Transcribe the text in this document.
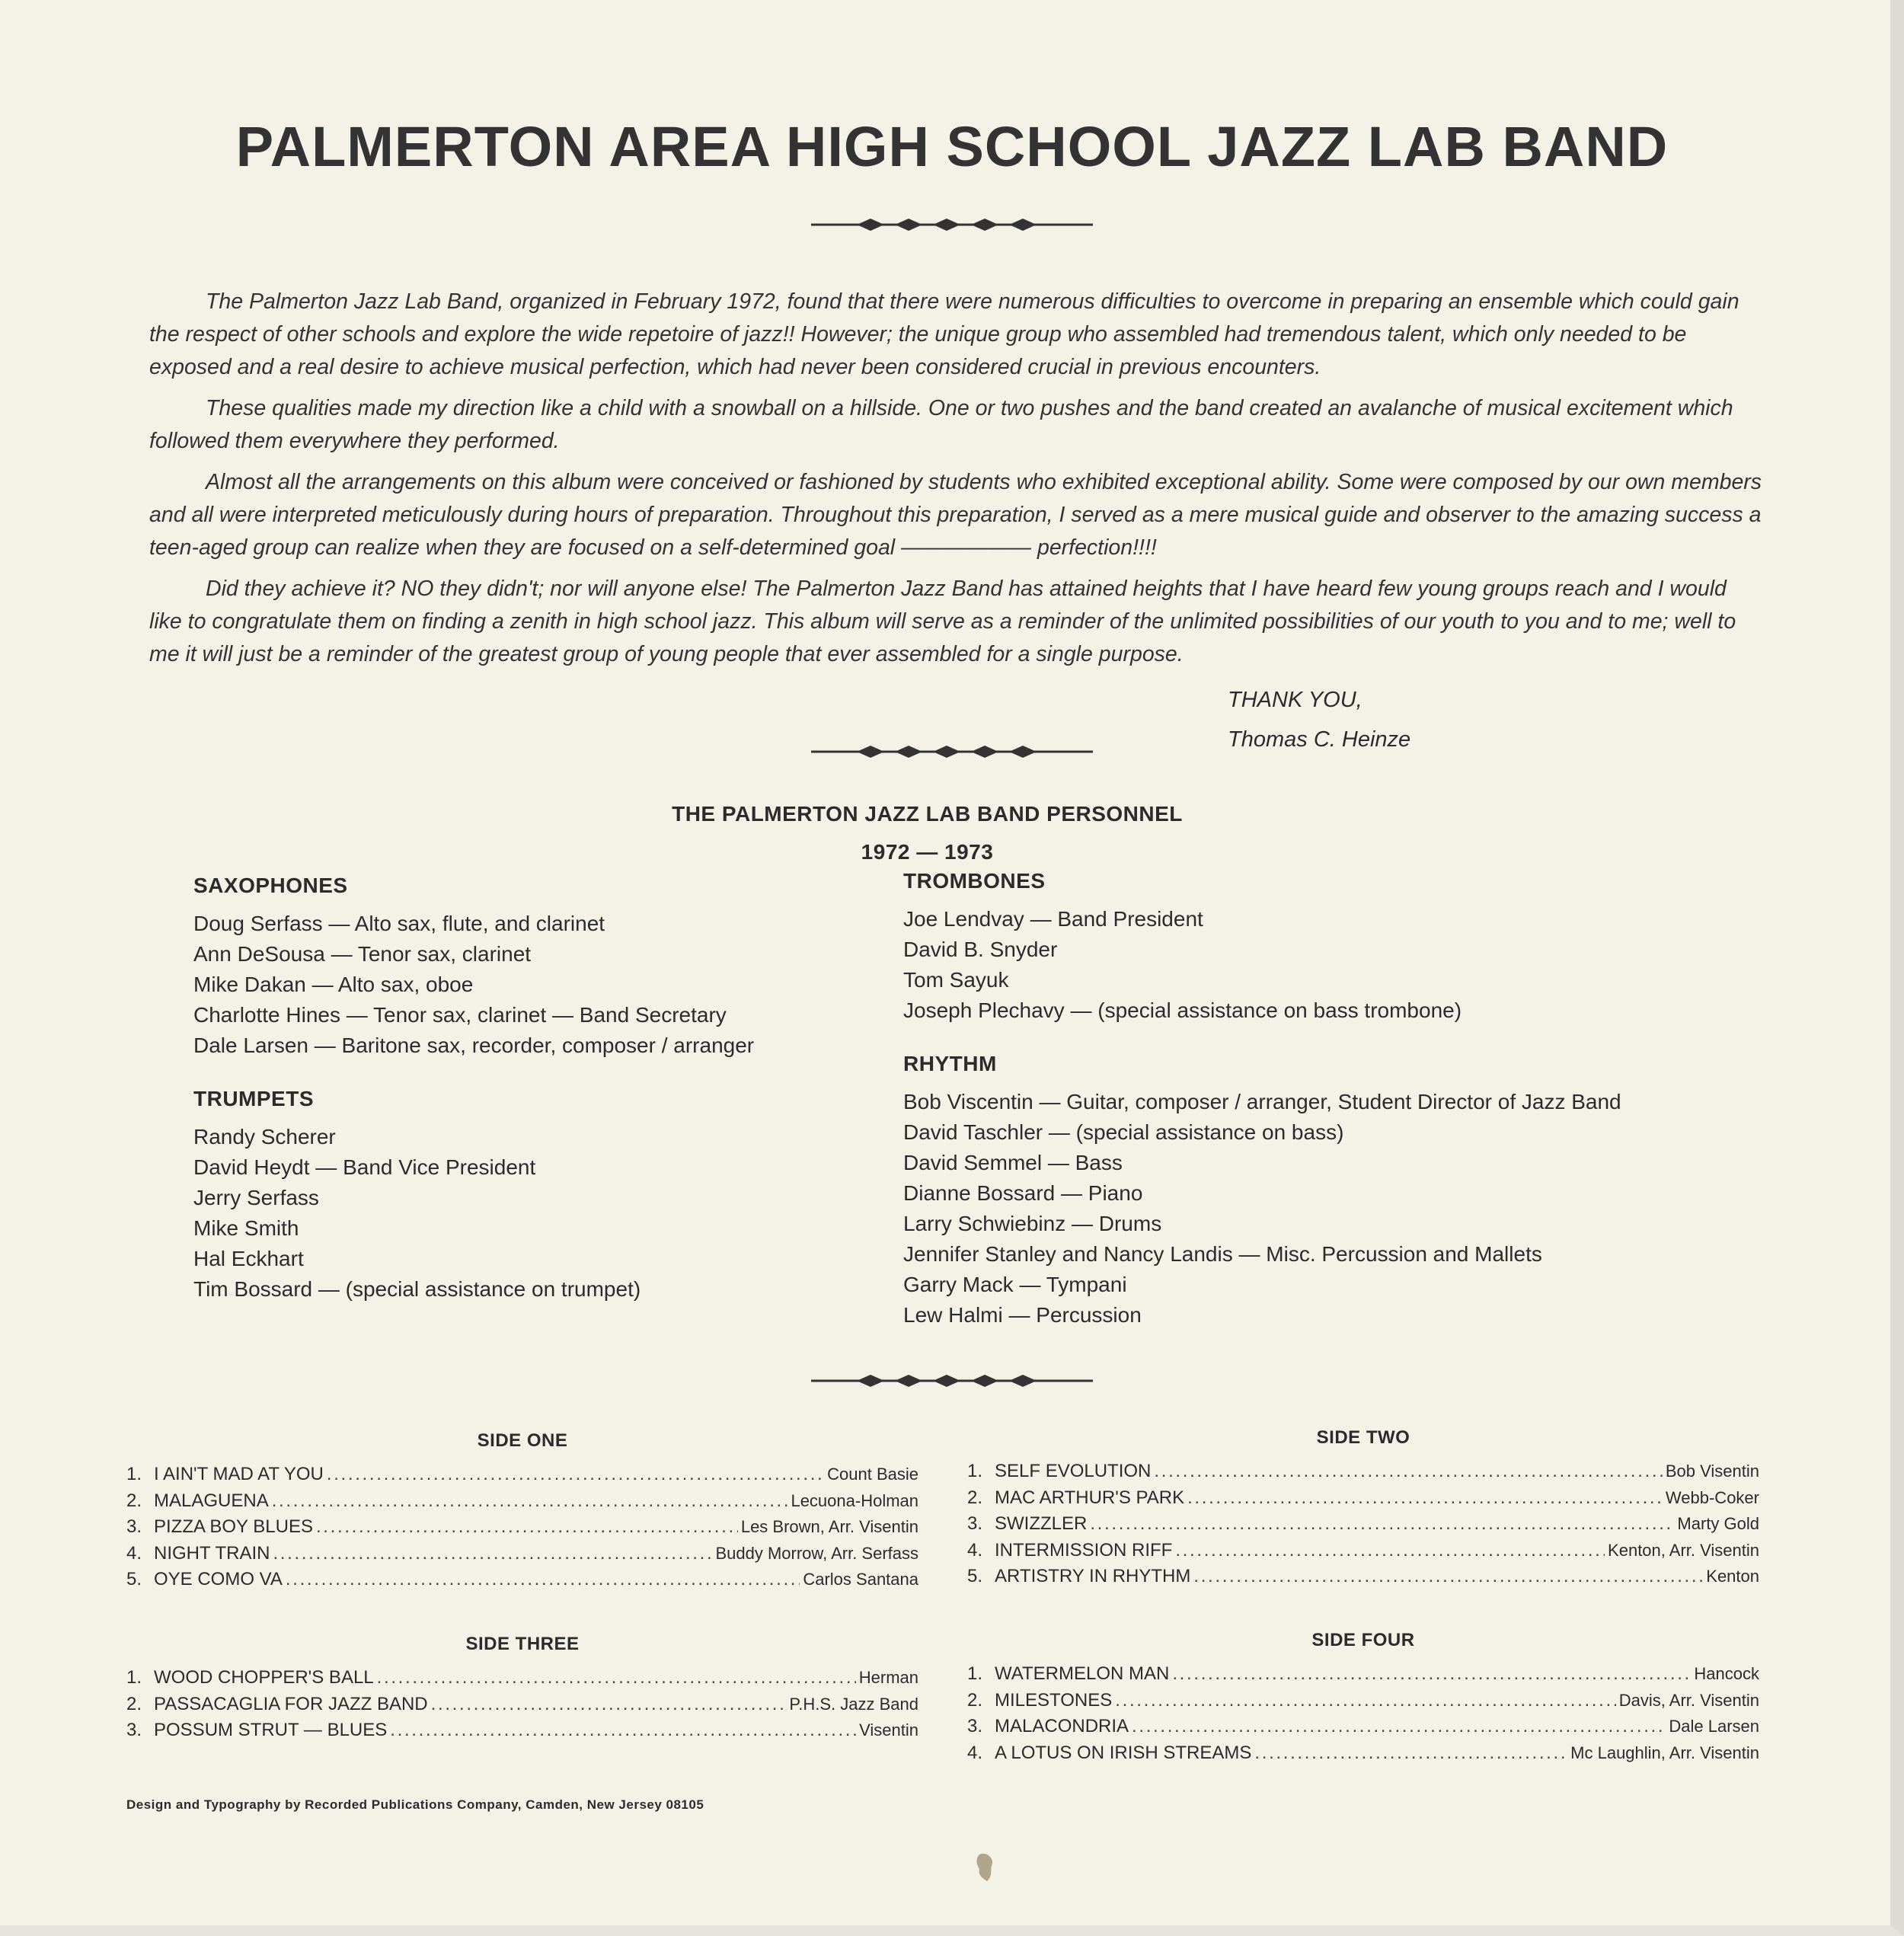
PALMERTON AREA HIGH SCHOOL JAZZ LAB BAND

The Palmerton Jazz Lab Band, organized in February 1972, found that there were numerous difficulties to overcome in preparing an ensemble which could gain the respect of other schools and explore the wide repetoire of jazz!! However; the unique group who assembled had tremendous talent, which only needed to be exposed and a real desire to achieve musical perfection, which had never been considered crucial in previous encounters.

These qualities made my direction like a child with a snowball on a hillside. One or two pushes and the band created an avalanche of musical excitement which followed them everywhere they performed.

Almost all the arrangements on this album were conceived or fashioned by students who exhibited exceptional ability. Some were composed by our own members and all were interpreted meticulously during hours of preparation. Throughout this preparation, I served as a mere musical guide and observer to the amazing success a teen-aged group can realize when they are focused on a self-determined goal —————— perfection!!!!

Did they achieve it? NO they didn't; nor will anyone else! The Palmerton Jazz Band has attained heights that I have heard few young groups reach and I would like to congratulate them on finding a zenith in high school jazz. This album will serve as a reminder of the unlimited possibilities of our youth to you and to me; well to me it will just be a reminder of the greatest group of young people that ever assembled for a single purpose.

THANK YOU,
Thomas C. Heinze
THE PALMERTON JAZZ LAB BAND PERSONNEL
1972 — 1973
SAXOPHONES
Doug Serfass — Alto sax, flute, and clarinet
Ann DeSousa — Tenor sax, clarinet
Mike Dakan — Alto sax, oboe
Charlotte Hines — Tenor sax, clarinet — Band Secretary
Dale Larsen — Baritone sax, recorder, composer / arranger
TRUMPETS
Randy Scherer
David Heydt — Band Vice President
Jerry Serfass
Mike Smith
Hal Eckhart
Tim Bossard — (special assistance on trumpet)
TROMBONES
Joe Lendvay — Band President
David B. Snyder
Tom Sayuk
Joseph Plechavy — (special assistance on bass trombone)
RHYTHM
Bob Viscentin — Guitar, composer / arranger, Student Director of Jazz Band
David Taschler — (special assistance on bass)
David Semmel — Bass
Dianne Bossard — Piano
Larry Schwiebinz — Drums
Jennifer Stanley and Nancy Landis — Misc. Percussion and Mallets
Garry Mack — Tympani
Lew Halmi — Percussion
SIDE ONE
1. I AIN'T MAD AT YOU . . .	Count Basie
2. MALAGUENA . . .	Lecuona-Holman
3. PIZZA BOY BLUES . . .	Les Brown, Arr. Visentin
4. NIGHT TRAIN . . .	Buddy Morrow, Arr. Serfass
5. OYE COMO VA . . .	Carlos Santana
SIDE TWO
1. SELF EVOLUTION . . .	Bob Visentin
2. MAC ARTHUR'S PARK . . .	Webb-Coker
3. SWIZZLER . . .	Marty Gold
4. INTERMISSION RIFF . . .	Kenton, Arr. Visentin
5. ARTISTRY IN RHYTHM . . .	Kenton
SIDE THREE
1. WOOD CHOPPER'S BALL . . .	Herman
2. PASSACAGLIA FOR JAZZ BAND . . .	P.H.S. Jazz Band
3. POSSUM STRUT — BLUES . . .	Visentin
SIDE FOUR
1. WATERMELON MAN . . .	Hancock
2. MILESTONES . . .	Davis, Arr. Visentin
3. MALACONDRIA . . .	Dale Larsen
4. A LOTUS ON IRISH STREAMS . . .	Mc Laughlin, Arr. Visentin
Design and Typography by Recorded Publications Company, Camden, New Jersey 08105
